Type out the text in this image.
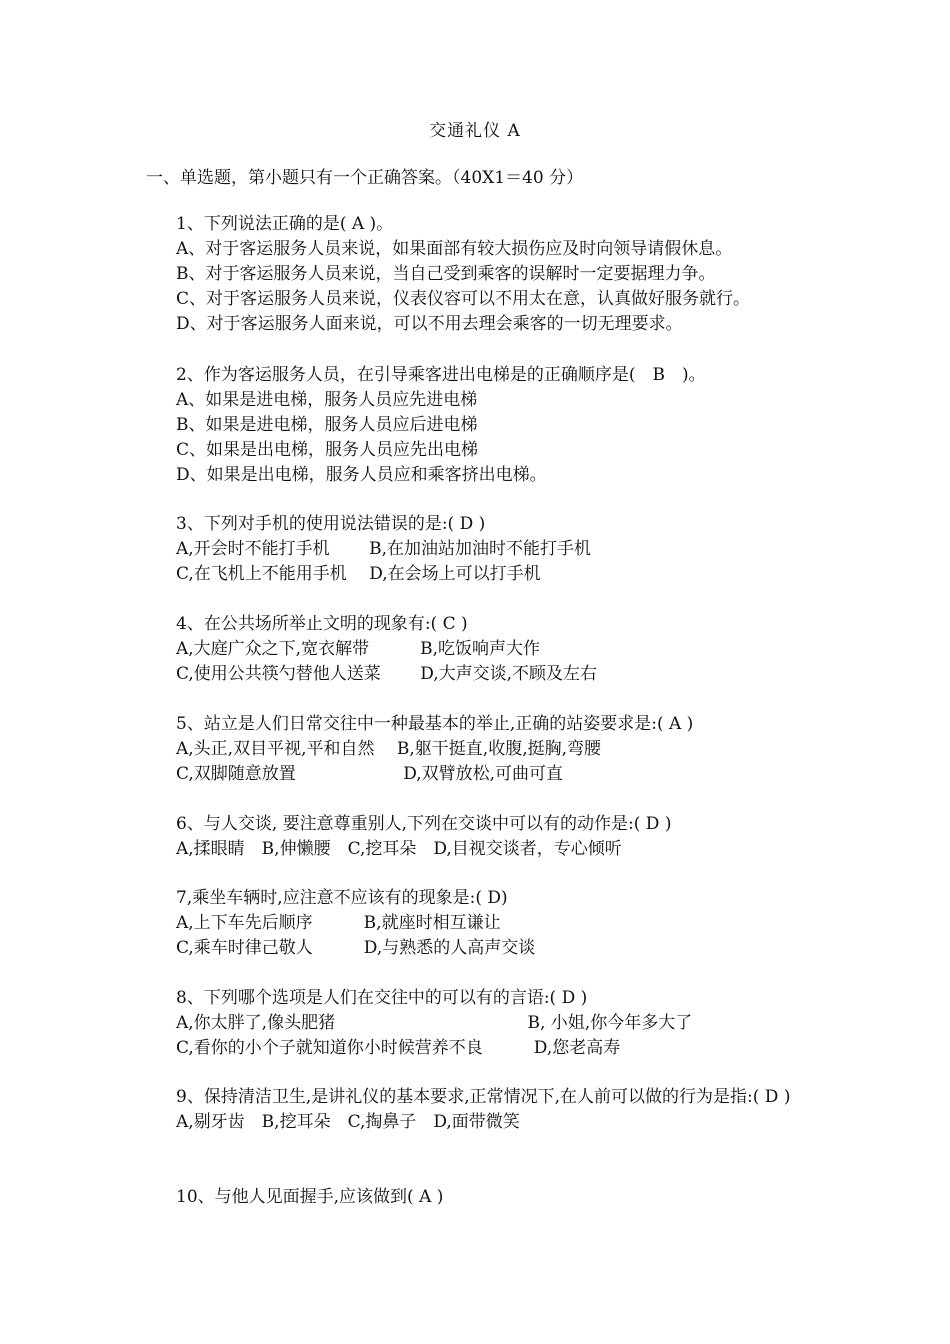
交通礼仪 A
一、单选题，第小题只有一个正确答案。（40X1＝40 分）
1、下列说法正确的是( A )。
A、对于客运服务人员来说，如果面部有较大损伤应及时向领导请假休息。
B、对于客运服务人员来说，当自己受到乘客的误解时一定要据理力争。
C、对于客运服务人员来说，仪表仪容可以不用太在意，认真做好服务就行。
D、对于客运服务人面来说，可以不用去理会乘客的一切无理要求。
2、作为客运服务人员，在引导乘客进出电梯是的正确顺序是(　B　)。
A、如果是进电梯，服务人员应先进电梯
B、如果是进电梯，服务人员应后进电梯
C、如果是出电梯，服务人员应先出电梯
D、如果是出电梯，服务人员应和乘客挤出电梯。
3、下列对手机的使用说法错误的是:( D )
A,开会时不能打手机　　 B,在加油站加油时不能打手机
C,在飞机上不能用手机　 D,在会场上可以打手机
4、在公共场所举止文明的现象有:( C )
A,大庭广众之下,宽衣解带　　　B,吃饭响声大作
C,使用公共筷勺替他人送菜　　 D,大声交谈,不顾及左右
5、站立是人们日常交往中一种最基本的举止,正确的站姿要求是:( A )
A,头正,双目平视,平和自然　 B,躯干挺直,收腹,挺胸,弯腰
C,双脚随意放置　　　　　　 D,双臂放松,可曲可直
6、与人交谈, 要注意尊重别人,下列在交谈中可以有的动作是:( D )
A,揉眼睛　B,伸懒腰　C,挖耳朵　D,目视交谈者，专心倾听
7,乘坐车辆时,应注意不应该有的现象是:( D)
A,上下车先后顺序　　　B,就座时相互谦让
C,乘车时律己敬人　　　D,与熟悉的人高声交谈
8、下列哪个选项是人们在交往中的可以有的言语:( D )
A,你太胖了,像头肥猪　　　　　　　　　　　 B, 小姐,你今年多大了
C,看你的小个子就知道你小时候营养不良　　　D,您老高寿
9、保持清洁卫生,是讲礼仪的基本要求,正常情况下,在人前可以做的行为是指:( D )
A,剔牙齿　B,挖耳朵　C,掏鼻子　D,面带微笑
10、与他人见面握手,应该做到( A )
